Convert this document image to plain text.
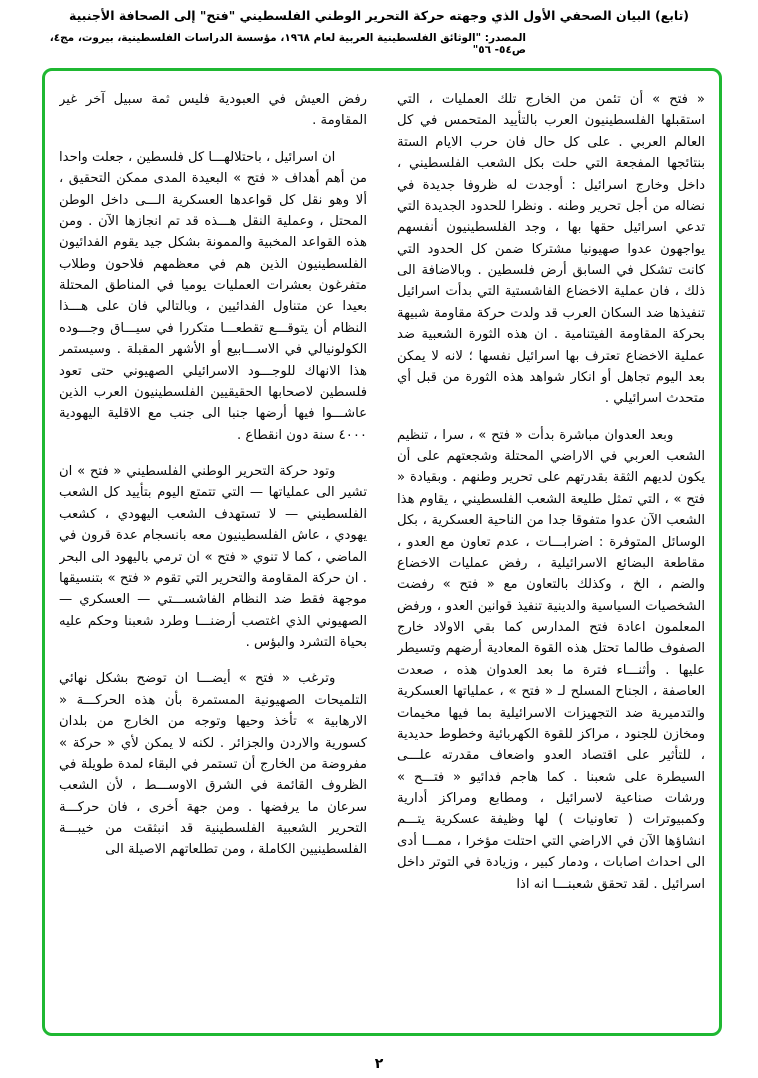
(تابع) البيان الصحفي الأول الذي وجهته حركة التحرير الوطني الفلسطيني "فتح" إلى الصحافة الأجنبية
المصدر: "الوثائق الفلسطينية العربية لعام ١٩٦٨، مؤسسة الدراسات الفلسطينية، بيروت، مج٤، ص٥٤- ٥٦"

« فتح » أن تئمن من الخارج تلك العمليات ، التي استقبلها الفلسطينيون العرب بالتأييد المتحمس في كل العالم العربي . على كل حال فان حرب الايام الستة بنتائجها المفجعة التي حلت بكل الشعب الفلسطيني ، داخل وخارج اسرائيل : أوجدت له ظروفا جديدة في نضاله من أجل تحرير وطنه . ونظرا للحدود الجديدة التي تدعي اسرائيل حقها بها ، وجد الفلسطينيون أنفسهم يواجهون عدوا صهيونيا مشتركا ضمن كل الحدود التي كانت تشكل في السابق أرض فلسطين . وبالاضافة الى ذلك ، فان عملية الاخضاع الفاشستية التي بدأت اسرائيل تنفيذها ضد السكان العرب قد ولدت حركة مقاومة شبيهة بحركة المقاومة الفيتنامية . ان هذه الثورة الشعبية ضد عملية الاخضاع تعترف بها اسرائيل نفسها ؛ لانه لا يمكن بعد اليوم تجاهل أو انكار شواهد هذه الثورة من قبل أي متحدث اسرائيلي .

وبعد العدوان مباشرة بدأت « فتح » ، سرا ، تنظيم الشعب العربي في الاراضي المحتلة وشجعتهم على أن يكون لديهم الثقة بقدرتهم على تحرير وطنهم . وبقيادة « فتح » ، التي تمثل طليعة الشعب الفلسطيني ، يقاوم هذا الشعب الآن عدوا متفوقا جدا من الناحية العسكرية ، بكل الوسائل المتوفرة : اضرابـــات ، عدم تعاون مع العدو ، مقاطعة البضائع الاسرائيلية ، رفض عمليات الاخضاع والضم ، الخ ، وكذلك بالتعاون مع « فتح » رفضت الشخصيات السياسية والدينية تنفيذ قوانين العدو ، ورفض المعلمون اعادة فتح المدارس كما بقي الاولاد خارج الصفوف طالما تحتل هذه القوة المعادية أرضهم وتسيطر عليها . وأثنـــاء فترة ما بعد العدوان هذه ، صعدت العاصفة ، الجناح المسلح لـ « فتح » ، عملياتها العسكرية والتدميرية ضد التجهيزات الاسرائيلية بما فيها مخيمات ومخازن للجنود ، مراكز للقوة الكهربائية وخطوط حديدية ، للتأثير على اقتصاد العدو واضعاف مقدرته علـــى السيطرة على شعبنا . كما هاجم فدائيو « فتـــح » ورشات صناعية لاسرائيل ، ومطابع ومراكز أدارية وكمبيوترات ( تعاونيات ) لها وظيفة عسكرية يتـــم انشاؤها الآن في الاراضي التي احتلت مؤخرا ، ممـــا أدى الى احداث اصابات ، ودمار كبير ، وزيادة في التوتر داخل اسرائيل . لقد تحقق شعبنـــا انه اذا

رفض العيش في العبودية فليس ثمة سبيل آخر غير المقاومة .

ان اسرائيل ، باحتلالهـــا كل فلسطين ، جعلت واحدا من أهم أهداف « فتح » البعيدة المدى ممكن التحقيق ، ألا وهو نقل كل قواعدها العسكرية الـــى داخل الوطن المحتل ، وعملية النقل هـــذه قد تم انجازها الآن . ومن هذه القواعد المخبية والممونة بشكل جيد يقوم الفدائيون الفلسطينيون الذين هم في معظمهم فلاحون وطلاب متفرغون بعشرات العمليات يوميا في المناطق المحتلة بعيدا عن متناول الفدائيين ، وبالتالي فان على هـــذا النظام أن يتوقـــع تقطعـــا متكررا في سيـــاق وجـــوده الكولونيالي في الاســـابيع أو الأشهر المقبلة . وسيستمر هذا الانهاك للوجـــود الاسرائيلي الصهيوني حتى تعود فلسطين لاصحابها الحقيقيين الفلسطينيون العرب الذين عاشـــوا فيها أرضها جنبا الى جنب مع الاقلية اليهودية ٤٠٠٠ سنة دون انقطاع .

وتود حركة التحرير الوطني الفلسطيني « فتح » ان تشير الى عملياتها — التي تتمتع اليوم بتأييد كل الشعب الفلسطيني — لا تستهدف الشعب اليهودي ، كشعب يهودي ، عاش الفلسطينيون معه بانسجام عدة قرون في الماضي ، كما لا تنوي « فتح » ان ترمي باليهود الى البحر . ان حركة المقاومة والتحرير التي تقوم « فتح » بتنسيقها موجهة فقط ضد النظام الفاشســـتي — العسكري — الصهيوني الذي اغتصب أرضنـــا وطرد شعبنا وحكم عليه بحياة التشرد والبؤس .

وترغب « فتح » أيضـــا ان توضح بشكل نهائي التلميحات الصهيونية المستمرة بأن هذه الحركـــة « الارهابية » تأخذ وحيها وتوجه من الخارج من بلدان كسورية والاردن والجزائر . لكنه لا يمكن لأي « حركة » مفروضة من الخارج أن تستمر في البقاء لمدة طويلة في الظروف القائمة في الشرق الاوســـط ، لأن الشعب سرعان ما يرفضها . ومن جهة أخرى ، فان حركـــة التحرير الشعبية الفلسطينية قد انبثقت من خيبـــة الفلسطينيين الكاملة ، ومن تطلعاتهم الاصيلة الى

٢
